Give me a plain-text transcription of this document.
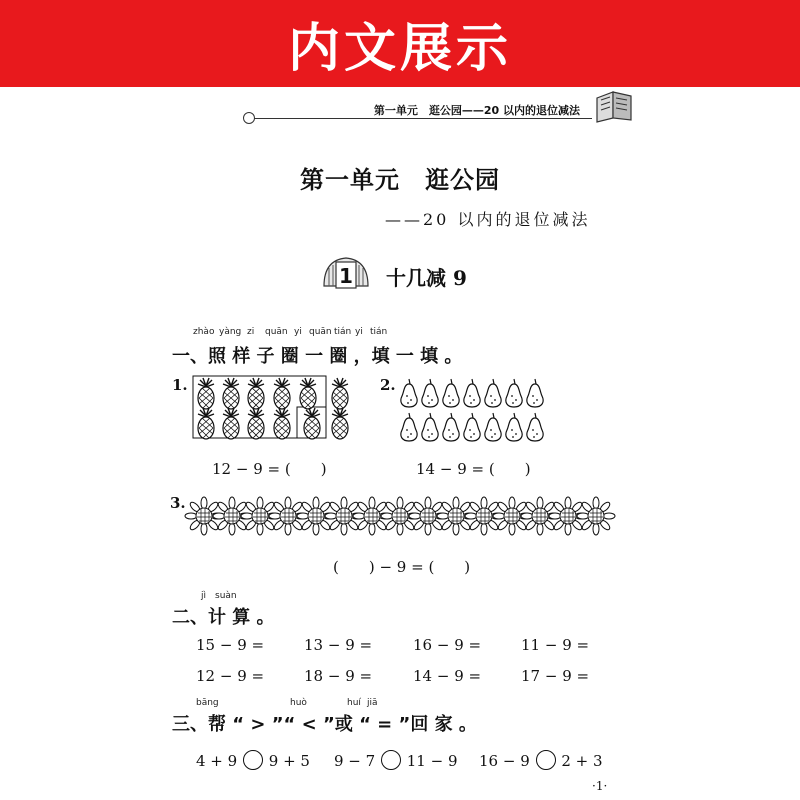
内文展示
第一单元　逛公园——20 以内的退位减法
第一单元　逛公园
——20 以内的退位减法
1 十几减 9
zhào yàng zi quān yi quān tián yi tián
一、照 样 子 圈 一 圈 ，填 一 填 。
1.
12 − 9 = (　　)
2.
14 − 9 = (　　)
3.
(　　) − 9 = (　　)
jì suàn
二、计 算 。
15 − 9 =	13 − 9 =	16 − 9 =	11 − 9 =
12 − 9 =	18 − 9 =	14 − 9 =	17 − 9 =
bāng	huò	huí jiā
三、帮 “ > ”“ < ”或 “ = ”回 家 。
4 + 9 9 + 5 9 − 7 11 − 9 16 − 9 2 + 3
·1·
